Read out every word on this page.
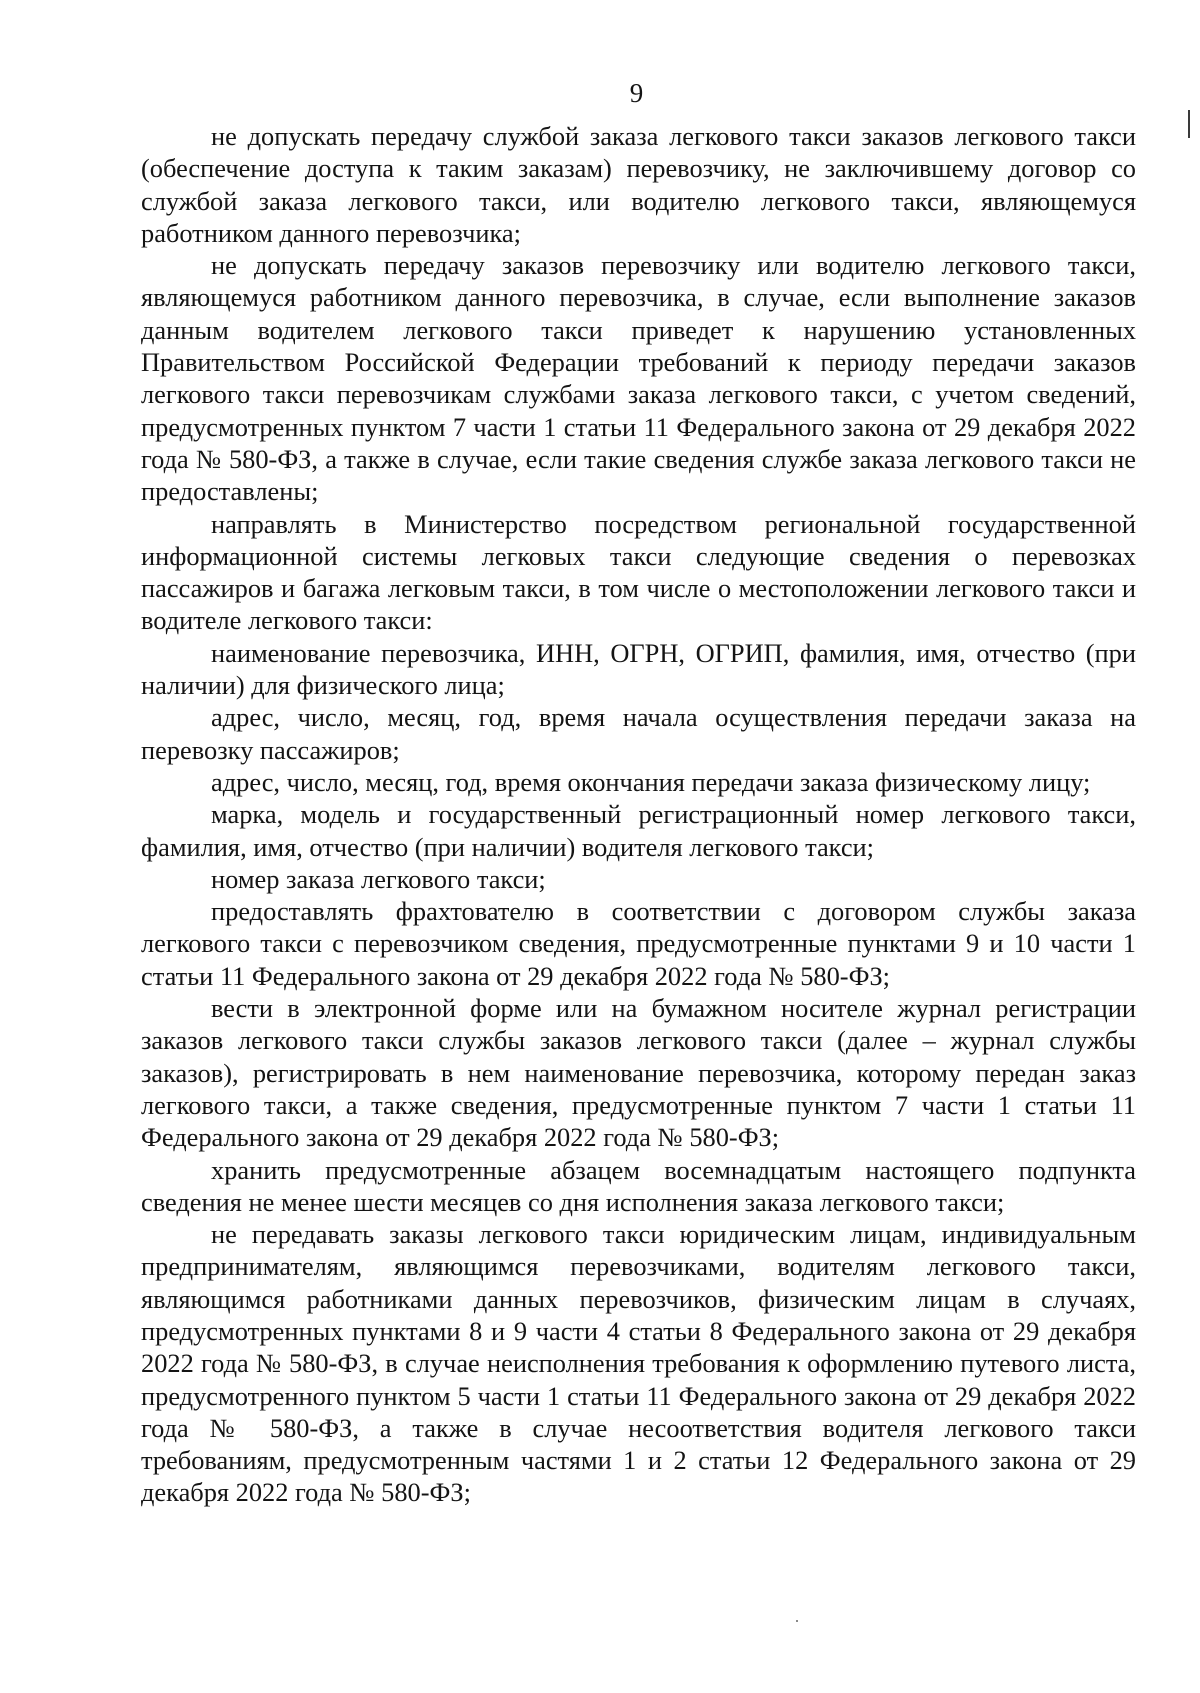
9

не допускать передачу службой заказа легкового такси заказов легкового такси (обеспечение доступа к таким заказам) перевозчику, не заключившему договор со службой заказа легкового такси, или водителю легкового такси, являющемуся работником данного перевозчика;

не допускать передачу заказов перевозчику или водителю легкового такси, являющемуся работником данного перевозчика, в случае, если выполнение заказов данным водителем легкового такси приведет к нарушению установленных Правительством Российской Федерации требований к периоду передачи заказов легкового такси перевозчикам службами заказа легкового такси, с учетом сведений, предусмотренных пунктом 7 части 1 статьи 11 Федерального закона от 29 декабря 2022 года № 580-ФЗ, а также в случае, если такие сведения службе заказа легкового такси не предоставлены;

направлять в Министерство посредством региональной государственной информационной системы легковых такси следующие сведения о перевозках пассажиров и багажа легковым такси, в том числе о местоположении легкового такси и водителе легкового такси:

наименование перевозчика, ИНН, ОГРН, ОГРИП, фамилия, имя, отчество (при наличии) для физического лица;

адрес, число, месяц, год, время начала осуществления передачи заказа на перевозку пассажиров;

адрес, число, месяц, год, время окончания передачи заказа физическому лицу;

марка, модель и государственный регистрационный номер легкового такси, фамилия, имя, отчество (при наличии) водителя легкового такси;

номер заказа легкового такси;

предоставлять фрахтователю в соответствии с договором службы заказа легкового такси с перевозчиком сведения, предусмотренные пунктами 9 и 10 части 1 статьи 11 Федерального закона от 29 декабря 2022 года № 580-ФЗ;

вести в электронной форме или на бумажном носителе журнал регистрации заказов легкового такси службы заказов легкового такси (далее – журнал службы заказов), регистрировать в нем наименование перевозчика, которому передан заказ легкового такси, а также сведения, предусмотренные пунктом 7 части 1 статьи 11 Федерального закона от 29 декабря 2022 года № 580-ФЗ;

хранить предусмотренные абзацем восемнадцатым настоящего подпункта сведения не менее шести месяцев со дня исполнения заказа легкового такси;

не передавать заказы легкового такси юридическим лицам, индивидуальным предпринимателям, являющимся перевозчиками, водителям легкового такси, являющимся работниками данных перевозчиков, физическим лицам в случаях, предусмотренных пунктами 8 и 9 части 4 статьи 8 Федерального закона от 29 декабря 2022 года № 580-ФЗ, в случае неисполнения требования к оформлению путевого листа, предусмотренного пунктом 5 части 1 статьи 11 Федерального закона от 29 декабря 2022 года № 580-ФЗ, а также в случае несоответствия водителя легкового такси требованиям, предусмотренным частями 1 и 2 статьи 12 Федерального закона от 29 декабря 2022 года № 580-ФЗ;
